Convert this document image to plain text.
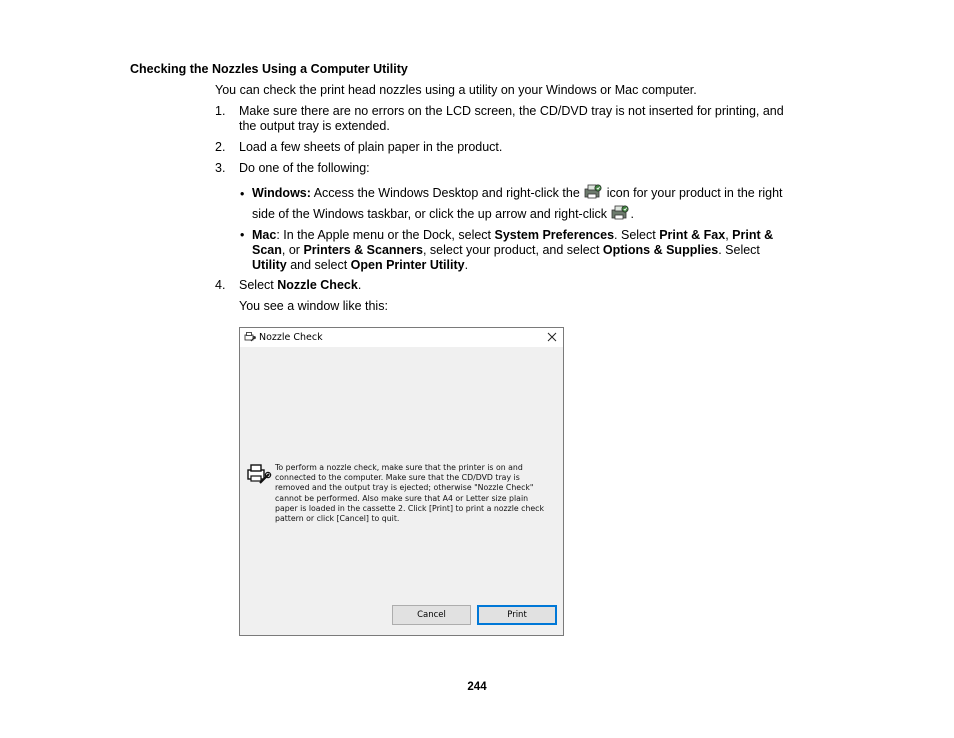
Checking the Nozzles Using a Computer Utility
You can check the print head nozzles using a utility on your Windows or Mac computer.
1. Make sure there are no errors on the LCD screen, the CD/DVD tray is not inserted for printing, and
the output tray is extended.
2. Load a few sheets of plain paper in the product.
3. Do one of the following:
• Windows: Access the Windows Desktop and right-click the  icon for your product in the right
side of the Windows taskbar, or click the up arrow and right-click .
• Mac: In the Apple menu or the Dock, select System Preferences. Select Print & Fax, Print &
Scan, or Printers & Scanners, select your product, and select Options & Supplies. Select
Utility and select Open Printer Utility.
4. Select Nozzle Check.
You see a window like this:
Nozzle Check
To perform a nozzle check, make sure that the printer is on and
connected to the computer. Make sure that the CD/DVD tray is
removed and the output tray is ejected; otherwise "Nozzle Check"
cannot be performed. Also make sure that A4 or Letter size plain
paper is loaded in the cassette 2. Click [Print] to print a nozzle check
pattern or click [Cancel] to quit.
Cancel	Print
244
